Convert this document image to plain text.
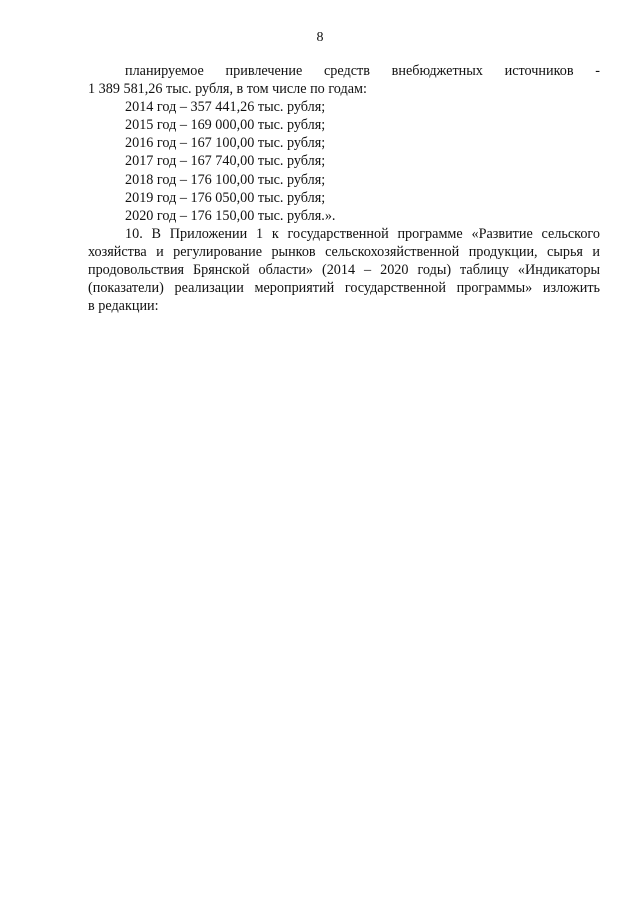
8
планируемое привлечение средств внебюджетных источников -
1 389 581,26 тыс. рубля, в том числе по годам:
2014 год – 357 441,26 тыс. рубля;
2015 год – 169 000,00 тыс. рубля;
2016 год – 167 100,00 тыс. рубля;
2017 год – 167 740,00 тыс. рубля;
2018 год – 176 100,00 тыс. рубля;
2019 год – 176 050,00 тыс. рубля;
2020 год – 176 150,00 тыс. рубля.».
10. В Приложении 1 к государственной программе «Развитие сельского
хозяйства и регулирование рынков сельскохозяйственной продукции, сырья и
продовольствия Брянской области» (2014 – 2020 годы) таблицу «Индикаторы
(показатели) реализации мероприятий государственной программы» изложить
в редакции:
